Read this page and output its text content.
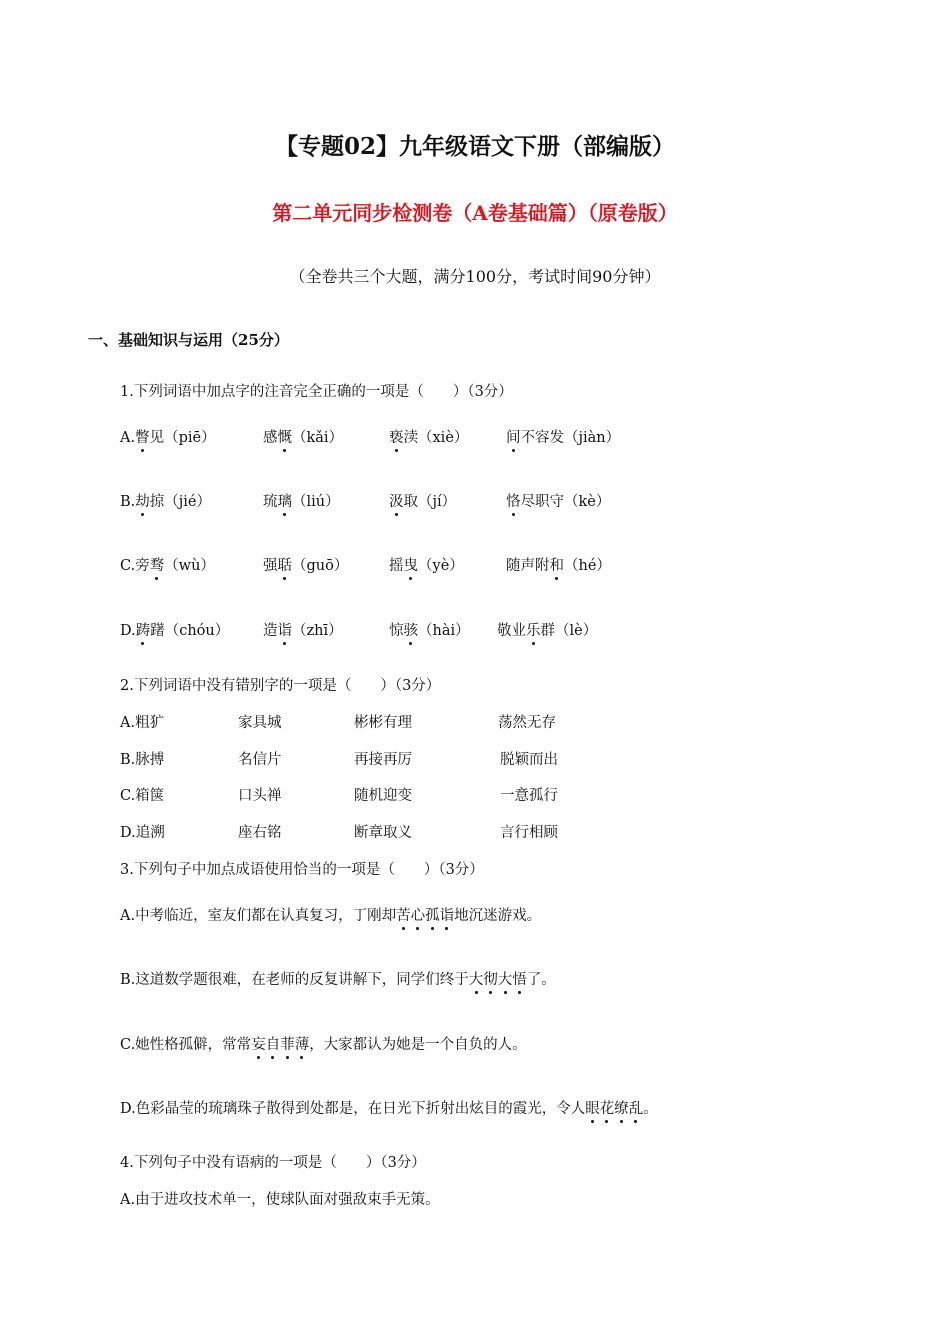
【专题02】九年级语文下册（部编版）
第二单元同步检测卷（A卷基础篇）（原卷版）
（全卷共三个大题，满分100分，考试时间90分钟）
一、基础知识与运用（25分）
1.下列词语中加点字的注音完全正确的一项是（　　）（3分）
A.瞥见（piē）	感慨（kǎi）	亵渎（xiè）	间不容发（jiàn）
B.劫掠（jié）	琉璃（liú）	汲取（jí）	恪尽职守（kè）
C.旁骛（wù）	强聒（guō）	摇曳（yè）	随声附和（hé）
D.踌躇（chóu） 造诣（zhī）	惊骇（hài） 敬业乐群（lè）
2.下列词语中没有错别字的一项是（　　）（3分）
A.粗犷	家具城	彬彬有理	荡然无存
B.脉搏	名信片	再接再厉	脱颖而出
C.箱箧	口头禅	随机迎变	一意孤行
D.追溯	座右铭	断章取义	言行相顾
3.下列句子中加点成语使用恰当的一项是（　　）（3分）
A.中考临近，室友们都在认真复习，丁刚却苦心孤诣地沉迷游戏。
B.这道数学题很难，在老师的反复讲解下，同学们终于大彻大悟了。
C.她性格孤僻，常常妄自菲薄，大家都认为她是一个自负的人。
D.色彩晶莹的琉璃珠子散得到处都是，在日光下折射出炫目的霞光，令人眼花缭乱。
4.下列句子中没有语病的一项是（　　）（3分）
A.由于进攻技术单一，使球队面对强敌束手无策。
